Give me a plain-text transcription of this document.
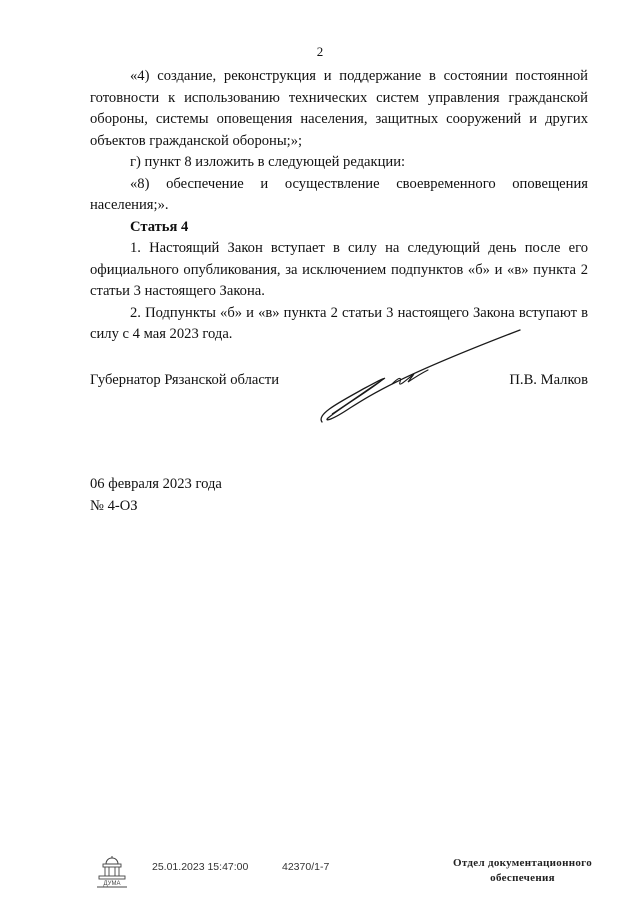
2

«4) создание, реконструкция и поддержание в состоянии постоянной готовности к использованию технических систем управления гражданской обороны, системы оповещения населения, защитных сооружений и других объектов гражданской обороны;»;

г) пункт 8 изложить в следующей редакции:

«8) обеспечение и осуществление своевременного оповещения населения;».

Статья 4

1. Настоящий Закон вступает в силу на следующий день после его официального опубликования, за исключением подпунктов «б» и «в» пункта 2 статьи 3 настоящего Закона.

2. Подпункты «б» и «в» пункта 2 статьи 3 настоящего Закона вступают в силу с 4 мая 2023 года.

Губернатор Рязанской области	П.В. Малков
06 февраля 2023 года
№ 4-ОЗ
ДУМА
25.01.2023 15:47:00	42370/1-7	Отдел документационного
обеспечения
